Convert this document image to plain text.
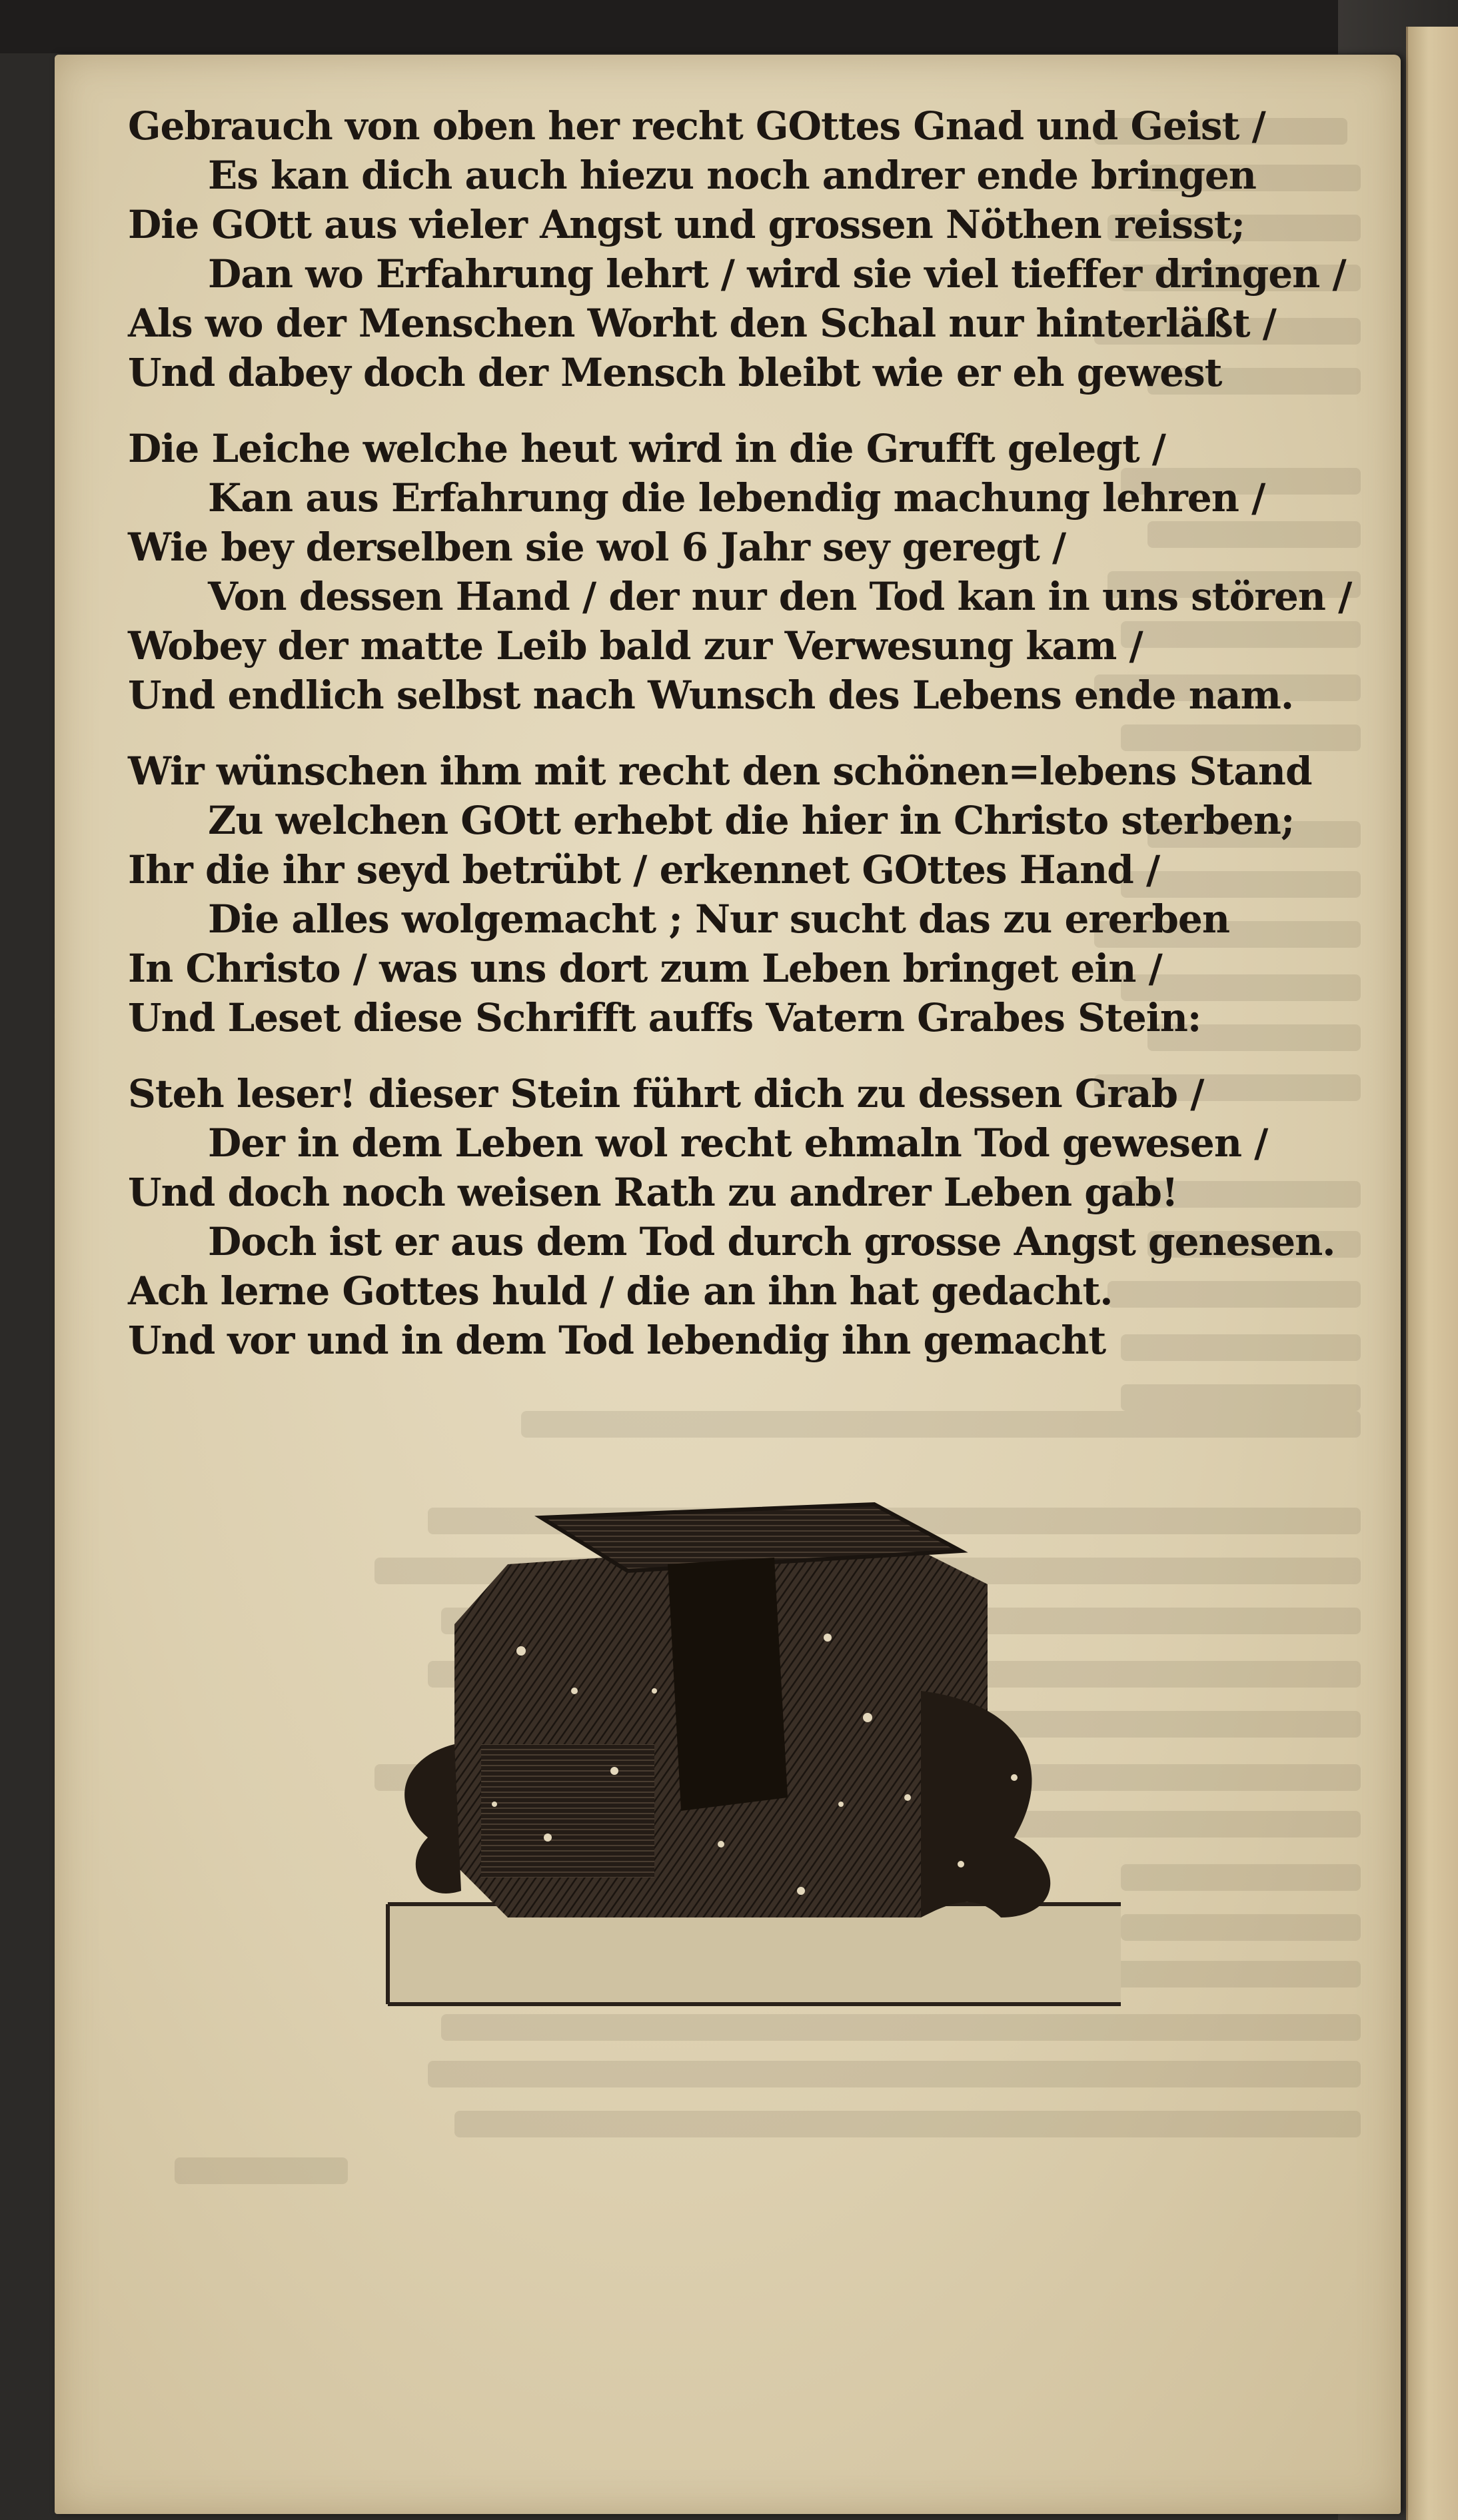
Gebrauch von oben her recht GOttes Gnad und Geist /
Es kan dich auch hiezu noch andrer ende bringen
Die GOtt aus vieler Angst und grossen Nöthen reisst;
Dan wo Erfahrung lehrt / wird sie viel tieffer dringen /
Als wo der Menschen Worht den Schal nur hinterläßt /
Und dabey doch der Mensch bleibt wie er eh gewest
Die Leiche welche heut wird in die Grufft gelegt /
Kan aus Erfahrung die lebendig machung lehren /
Wie bey derselben sie wol 6 Jahr sey geregt /
Von dessen Hand / der nur den Tod kan in uns stören /
Wobey der matte Leib bald zur Verwesung kam /
Und endlich selbst nach Wunsch des Lebens ende nam.
Wir wünschen ihm mit recht den schönen=lebens Stand
Zu welchen GOtt erhebt die hier in Christo sterben;
Ihr die ihr seyd betrübt / erkennet GOttes Hand /
Die alles wolgemacht ; Nur sucht das zu ererben
In Christo / was uns dort zum Leben bringet ein /
Und Leset diese Schrifft auffs Vatern Grabes Stein:
Steh leser! dieser Stein führt dich zu dessen Grab /
Der in dem Leben wol recht ehmaln Tod gewesen /
Und doch noch weisen Rath zu andrer Leben gab!
Doch ist er aus dem Tod durch grosse Angst genesen.
Ach lerne Gottes huld / die an ihn hat gedacht.
Und vor und in dem Tod lebendig ihn gemacht
